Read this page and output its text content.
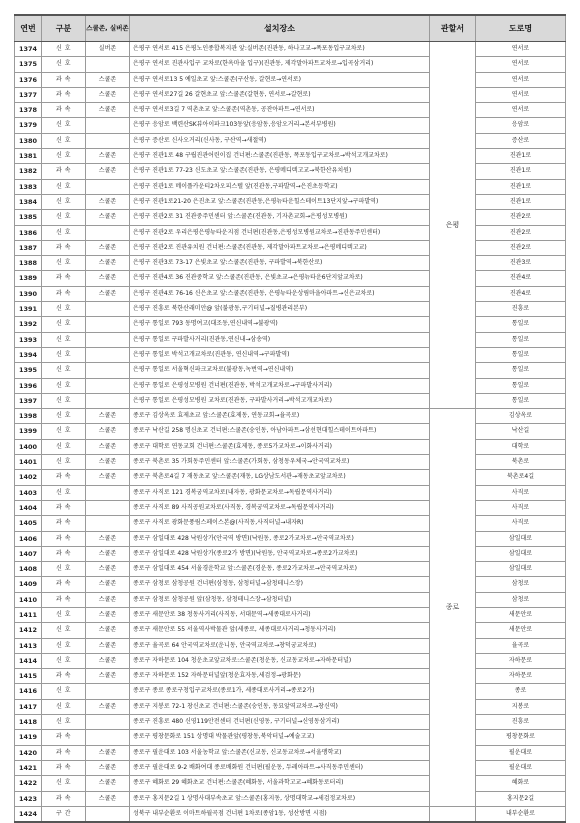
연번	구분	스쿨존, 실버존	설치장소	관할서	도로명
1374	신 호	실버존	은평구 연서로 415 은평노인종합복지관 앞:실버존(진관동, 하나고교→폭포동입구교차로)	은평	연서로
1375	신 호		은평구 연서로 진관사입구 교차로(한옥마을 입구)(진관동, 제각말아파트교차로→입곡삼거리)		연서로
1376	과 속	스쿨존	은평구 연서로13 5 예일초교 앞:스쿨존(구산동, 갈현로→연서로)		연서로
1377	과 속	스쿨존	은평구 연서로27길 26 갈현초교 앞:스쿨존(갈현동, 연서로→갈현로)		연서로
1378	과 속	스쿨존	은평구 연서로3길 7 역촌초교 앞:스쿨존(역촌동, 공잔아파트→연서로)		연서로
1379	신 호		은평구 응암로 백련산SK뷰아이파크103동앞(응암동,응암오거리→본서부병원)		응암로
1380	신 호		은평구 증산로 신사오거리(신사동, 구산역→새절역)		증산로
1381	신 호	스쿨존	은평구 진관1로 48 구립진관어린이집 건너편:스쿨존(진관동, 폭포동입구교차로→박석고개교차로)		진관1로
1382	과 속	스쿨존	은평구 진관1로 77-23 신도초교 앞:스쿨존(진관동, 은평메디텍고교→북한산유치원)		진관1로
1383	신 호		은평구 진관1로 메이플카운티2차오피스텔 앞(진관동,구파발역→은진초등학교)		진관1로
1384	신 호	스쿨존	은평구 진관1로21-20 은진초교 앞:스쿨존(진관동,은평뉴타운힐스테이트13단지앞→구파발역)		진관1로
1385	신 호	스쿨존	은평구 진관2로 31 진관중주민센터 앞:스쿨존(진관동, 기자촌교회→은평성모병원)		진관2로
1386	신 호		은평구 진관2로 우리은평은평뉴타운지점 건너편(진관동,은평성모병원교차로→진관동주민센터)		진관2로
1387	과 속	스쿨존	은평구 진관2로 진관유치원 건너편:스쿨존(진관동, 제각말아파트교차로→은평메디텍고교)		진관2로
1388	신 호	스쿨존	은평구 진관3로 73-17 은빛초교 앞:스쿨존(진관동, 구파발역→북한산로)		진관3로
1389	과 속	스쿨존	은평구 진관4로 36 진관중학교 앞:스쿨존(진관동, 은빛초교→은평뉴타운6단지앞교차로)		진관4로
1390	과 속	스쿨존	은평구 진관4로 76-16 신은초교 앞:스쿨존(진관동, 은평뉴타운상림마을아파트→신은교차로)		진관4로
1391	신 호		은평구 진흥로 북한산래미안@ 앞(불광동,구기터널→질병관리본부)		진흥로
1392	신 호		은평구 통일로 793 동명여고(대조동,연신내역→불광역)		통일로
1393	신 호		은평구 통일로 구파발사거리(진관동,연신내→삼송역)		통일로
1394	신 호		은평구 통일로 박석고개교차로(진관동, 연신내역→구파발역)		통일로
1395	신 호		은평구 통일로 서울혁신파크교차로(불광동,녹번역→연신내역)		통일로
1396	신 호		은평구 통일로 은평성모병원 건너편(진관동, 박석고개교차로→구파발사거리)		통일로
1397	신 호		은평구 통일로 은평성모병원 교차로(진관동, 구파발사거리→박석고개교차로)		통일로
1398	신 호	스쿨존	종로구 김상옥로 효제초교 앞:스쿨존(효제동, 연동교회→율곡로)	종로	김상옥로
1399	신 호	스쿨존	종로구 낙산길 258 명신초교 건너편:스쿨존(숭인동, 아남아파트→삼선현대힐스테이트아파트)		낙산길
1400	신 호	스쿨존	종로구 대학로 연동교회 건너편:스쿨존(효제동, 종로5가교차로→이화사거리)		대학로
1401	신 호	스쿨존	종로구 북촌로 35 가회동주민센터 앞:스쿨존(가회동, 삼청동우체국→안국역교차로)		북촌로
1402	과 속	스쿨존	종로구 북촌로4길 7 재동초교 앞:스쿨존(재동, LG상남도서관→재동초교앞교차로)		북촌로4길
1403	신 호		종로구 사직로 121 경복궁역교차로(내자동, 광화문교차로→독립문역사거리)		사직로
1404	과 속		종로구 사직로 89 사직공원교차로(사직동, 경복궁역교차로→독립문역사거리)		사직로
1405	과 속		종로구 사직로 광화문풍림스페이스본@(사직동,사직터널→내자R)		사직로
1406	과 속	스쿨존	종로구 삼일대로 428 낙원상가(안국역 방면)(낙원동, 종로2가교차로→안국역교차로)		삼일대로
1407	과 속	스쿨존	종로구 삼일대로 428 낙원상가(종로2가 방면)(낙원동, 안국역교차로→종로2가교차로)		삼일대로
1408	신 호	스쿨존	종로구 삼일대로 454 서울경운학교 앞:스쿨존(경운동, 종로2가교차로→안국역교차로)		삼일대로
1409	과 속	스쿨존	종로구 삼청로 삼청공원 건너편(삼청동, 삼청터널→삼청테니스장)		삼청로
1410	과 속	스쿨존	종로구 삼청로 삼청공원 앞(삼청동, 삼청테니스장→삼청터널)		삼청로
1411	신 호	스쿨존	종로구 새문안로 38 청동사거리(사직동, 서대문역→세종대로사거리)		새문안로
1412	신 호	스쿨존	종로구 새문안로 55 서울역사박물관 앞(세종로, 세종대로사거리→청동사거리)		새문안로
1413	신 호	스쿨존	종로구 율곡로 64 안국역교차로(운니동, 안국역교차로→창덕궁교차로)		율곡로
1414	신 호	스쿨존	종로구 자하문로 104 청운초교앞교차로:스쿨존(청운동, 신교동교차로→자하문터널)		자하문로
1415	과 속	스쿨존	종로구 자하문로 152 자하문터널앞(청운효자동,세검정→광화문)		자하문로
1416	신 호		종로구 종로 종로구청입구교차로(종로1가, 세종대로사거리→종로2가)		종로
1417	신 호	스쿨존	종로구 지봉로 72-1 창신초교 건너편:스쿨존(숭인동, 동묘앞역교차로→창신역)		지봉로
1418	신 호		종로구 진흥로 480 신영119안전센터 건너편(신영동, 구기터널→신영동삼거리)		진흥로
1419	과 속		종로구 평창문화로 151 상명대 박물관앞(평창동,북악터널→예술고교)		평창문화로
1420	과 속	스쿨존	종로구 필운대로 103 서울농학교 앞:스쿨존(신교동, 신교동교차로→서울맹학교)		필운대로
1421	과 속	스쿨존	종로구 필운대로 9-2 배화여대 종로배화원 건너편(필운동, 두레아파트→사직동주민센터)		필운대로
1422	신 호	스쿨존	종로구 혜화로 29 혜화초교 건너편:스쿨존(혜화동, 서울과학고교→혜화동로터리)		혜화로
1423	과 속	스쿨존	종로구 홍지문2길 1 상명사대부속초교 앞:스쿨존(홍지동, 상명대학교→세검정교차로)		홍지문2길
1424	구 간		성북구 내부순환로 이마트하월곡점 건너편 1차로(종암1동, 성산방면 시점)		내부순환로
